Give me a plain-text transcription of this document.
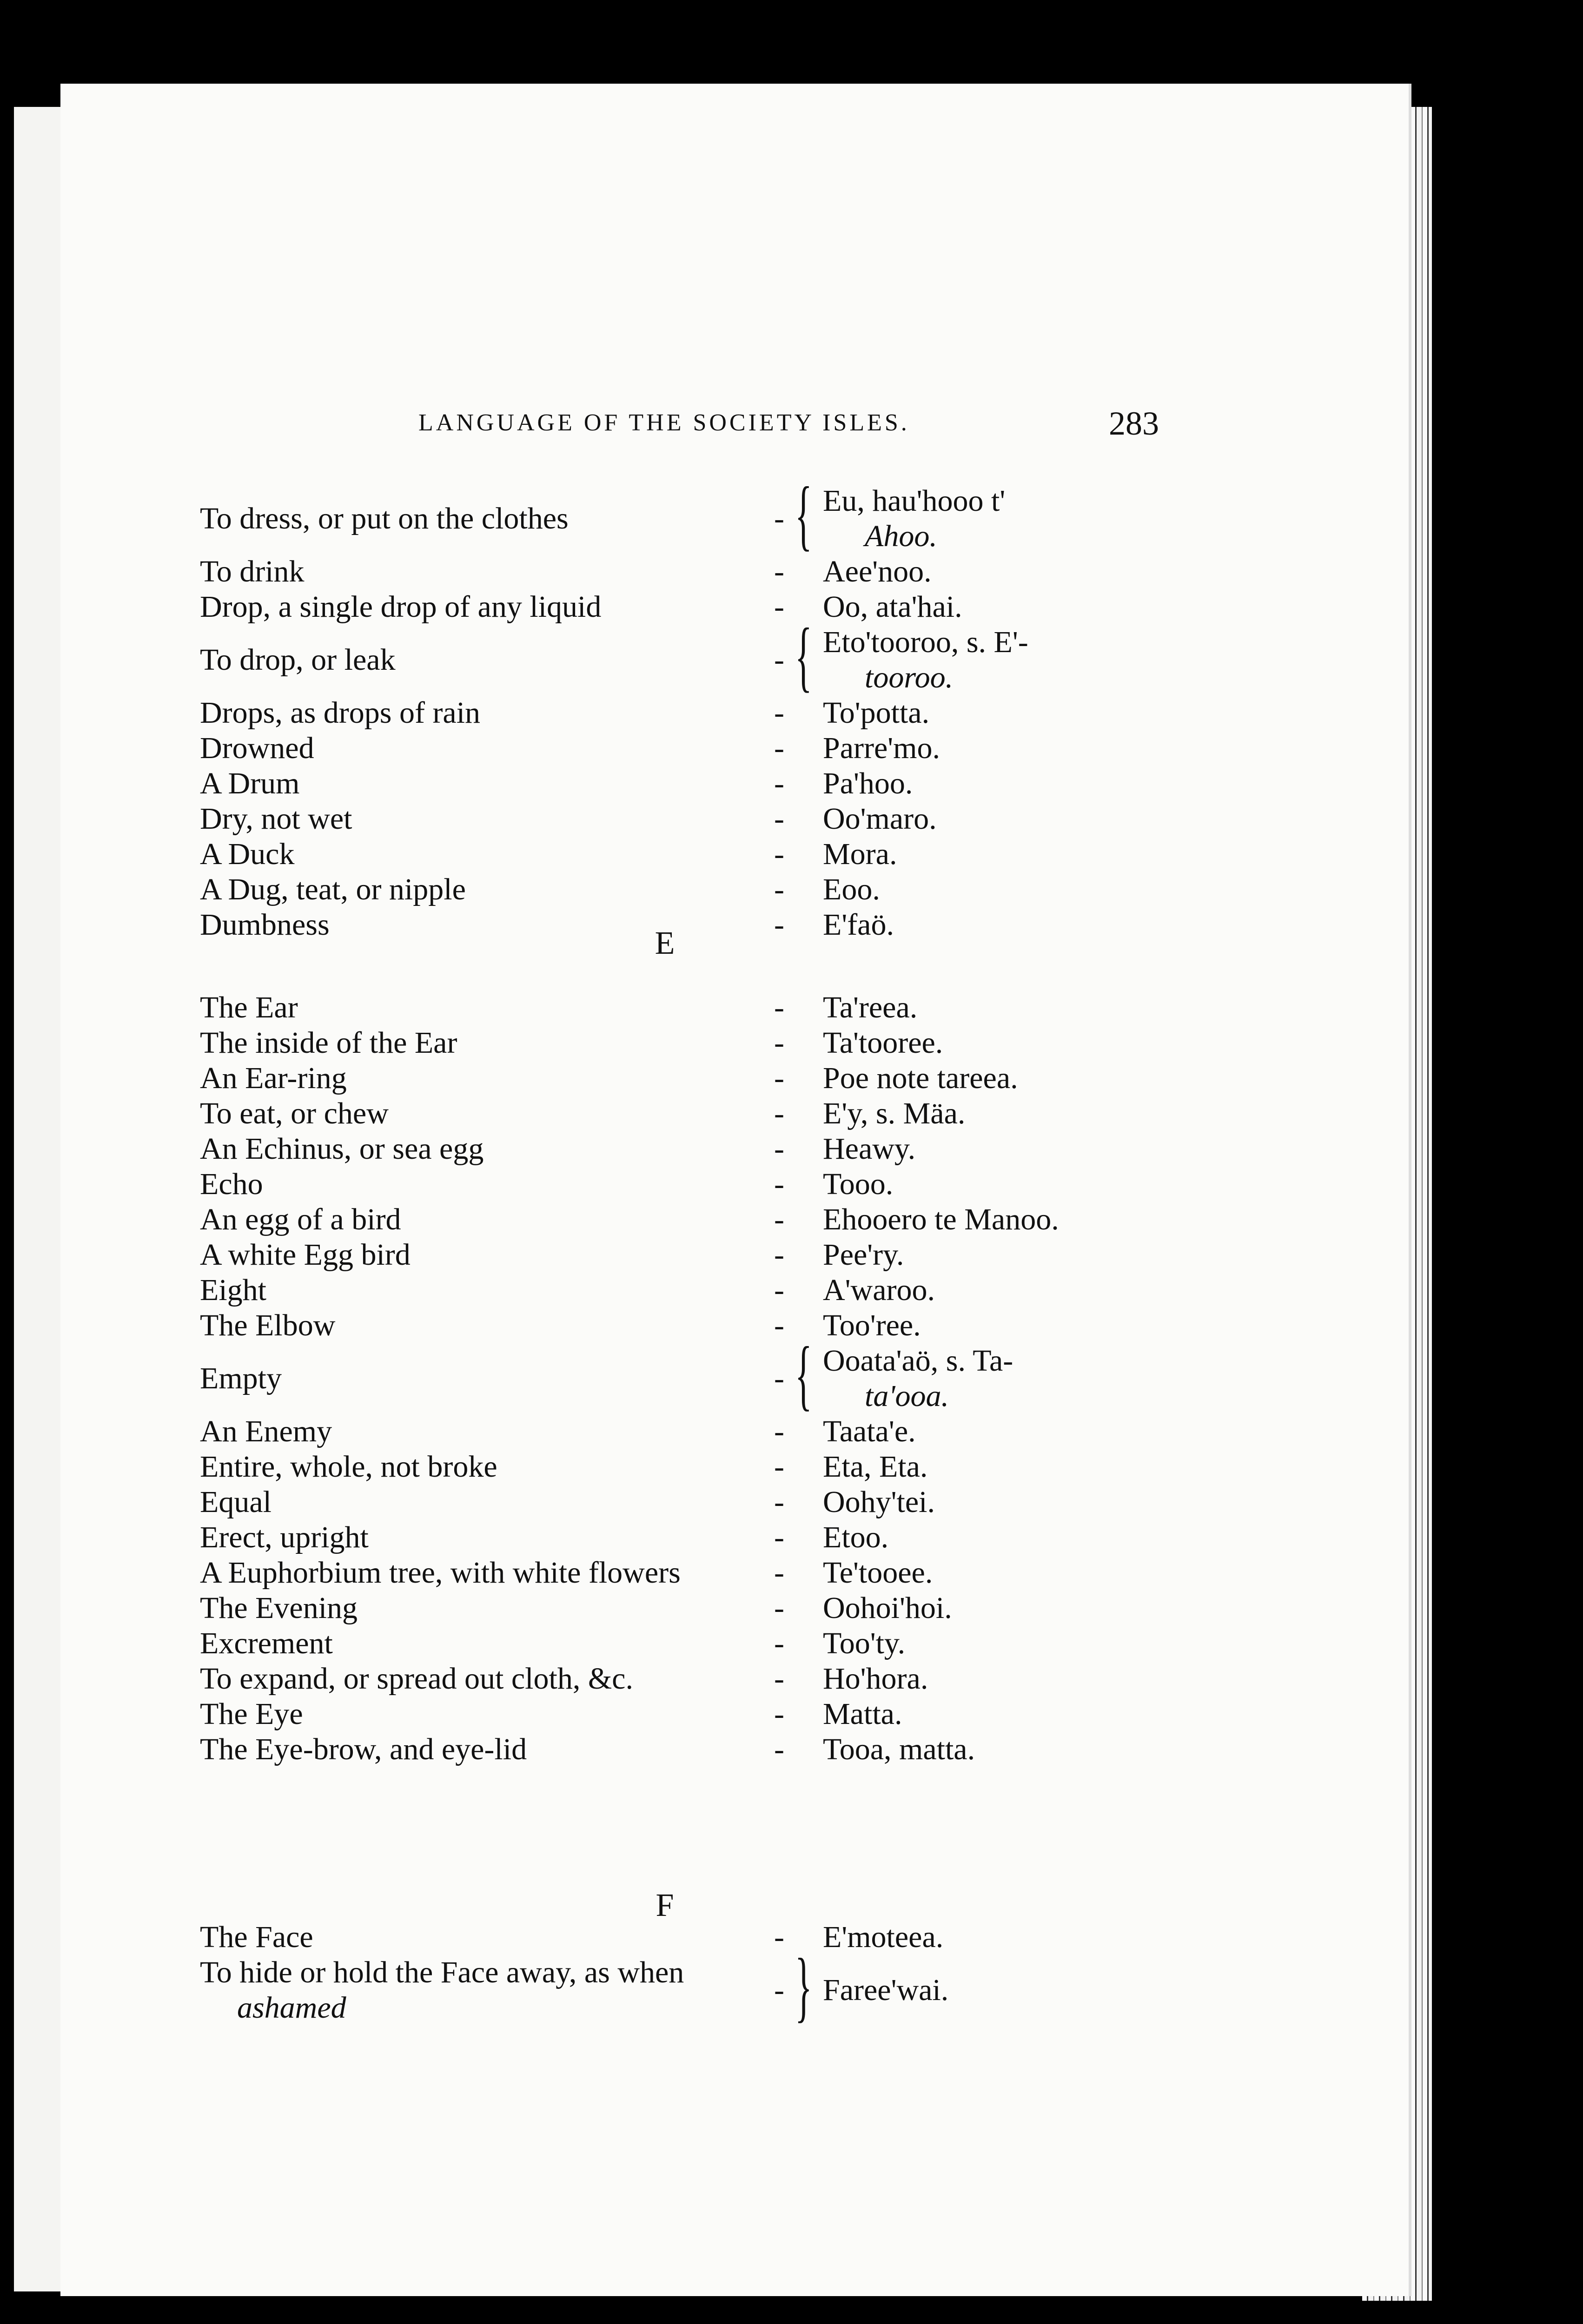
LANGUAGE OF THE SOCIETY ISLES.	283
To dress, or put on the clothes	- { Eu, hau'hooo t'
Ahoo.
To drink	- Aee'noo.
Drop, a single drop of any liquid	- Oo, ata'hai.
To drop, or leak	- { Eto'tooroo, s. E'-
tooroo.
Drops, as drops of rain	- To'potta.
Drowned	- Parre'mo.
A Drum	- Pa'hoo.
Dry, not wet	- Oo'maro.
A Duck	- Mora.
A Dug, teat, or nipple	- Eoo.
Dumbness	- E'faö.
E
The Ear	- Ta'reea.
The inside of the Ear	- Ta'tooree.
An Ear-ring	- Poe note tareea.
To eat, or chew	- E'y, s. Mäa.
An Echinus, or sea egg	- Heawy.
Echo	- Tooo.
An egg of a bird	- Ehooero te Manoo.
A white Egg bird	- Pee'ry.
Eight	- A'waroo.
The Elbow	- Too'ree.
Empty	- { Ooata'aö, s. Ta-
ta'ooa.
An Enemy	- Taata'e.
Entire, whole, not broke	- Eta, Eta.
Equal	- Oohy'tei.
Erect, upright	- Etoo.
A Euphorbium tree, with white flowers	- Te'tooee.
The Evening	- Oohoi'hoi.
Excrement	- Too'ty.
To expand, or spread out cloth, &c.	- Ho'hora.
The Eye	- Matta.
The Eye-brow, and eye-lid	- Tooa, matta.
F
The Face	- E'moteea.
To hide or hold the Face away, as when
ashamed
- } Faree'wai.
